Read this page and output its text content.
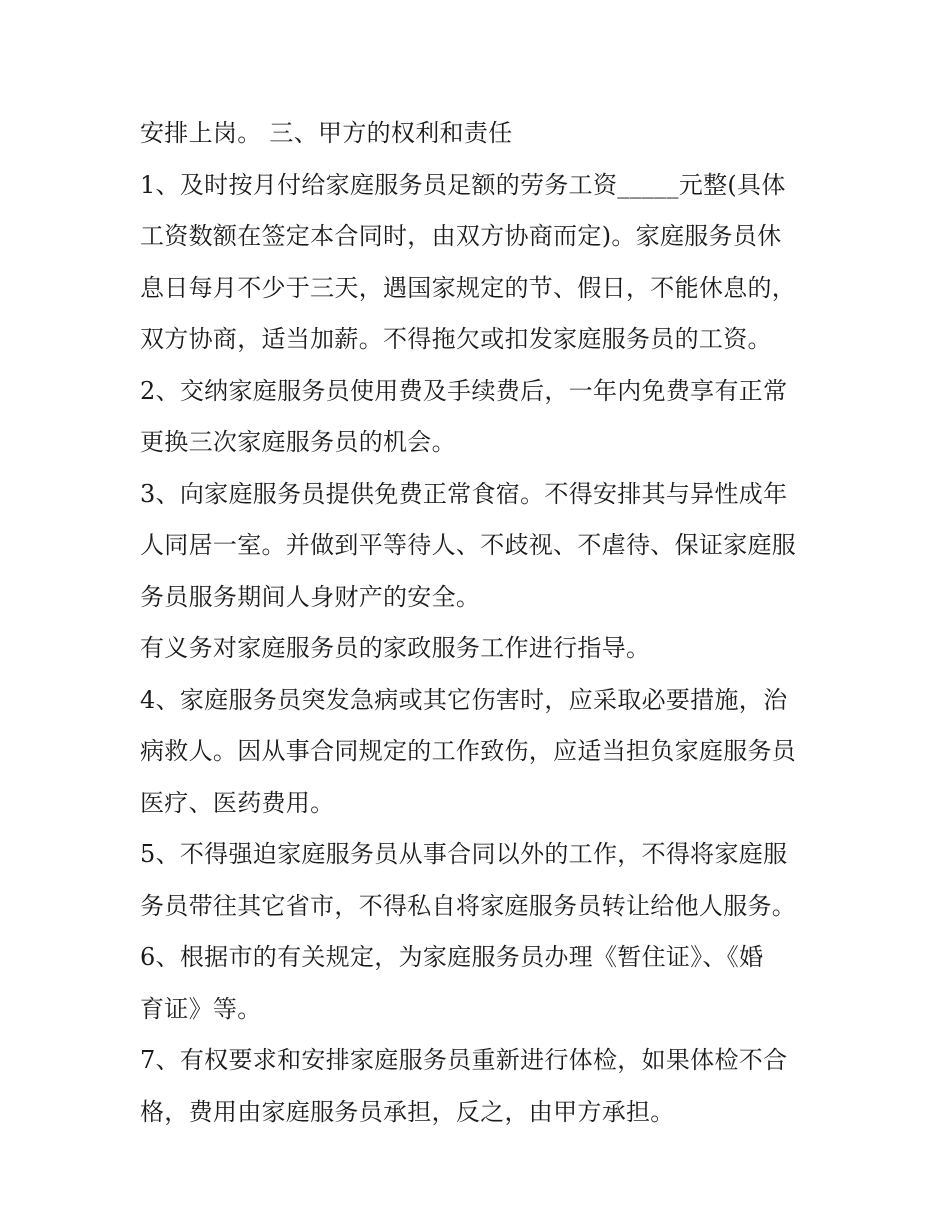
安排上岗。 三、甲方的权利和责任
1、及时按月付给家庭服务员足额的劳务工资_____元整(具体
工资数额在签定本合同时，由双方协商而定)。家庭服务员休
息日每月不少于三天，遇国家规定的节、假日，不能休息的，
双方协商，适当加薪。不得拖欠或扣发家庭服务员的工资。
2、交纳家庭服务员使用费及手续费后，一年内免费享有正常
更换三次家庭服务员的机会。
3、向家庭服务员提供免费正常食宿。不得安排其与异性成年
人同居一室。并做到平等待人、不歧视、不虐待、保证家庭服
务员服务期间人身财产的安全。
有义务对家庭服务员的家政服务工作进行指导。
4、家庭服务员突发急病或其它伤害时，应采取必要措施，治
病救人。因从事合同规定的工作致伤，应适当担负家庭服务员
医疗、医药费用。
5、不得强迫家庭服务员从事合同以外的工作，不得将家庭服
务员带往其它省市，不得私自将家庭服务员转让给他人服务。
6、根据市的有关规定，为家庭服务员办理《暂住证》、《婚
育证》等。
7、有权要求和安排家庭服务员重新进行体检，如果体检不合
格，费用由家庭服务员承担，反之，由甲方承担。
